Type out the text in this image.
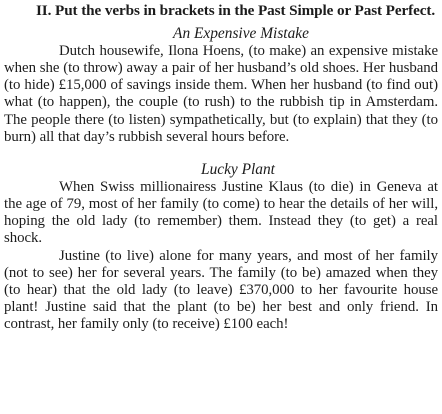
II. Put the verbs in brackets in the Past Simple or Past Perfect.

An Expensive Mistake

Dutch housewife, Ilona Hoens, (to make) an expensive mistake when she (to throw) away a pair of her husband’s old shoes. Her husband (to hide) £15,000 of savings inside them. When her husband (to find out) what (to happen), the couple (to rush) to the rubbish tip in Amsterdam. The people there (to listen) sympathetically, but (to explain) that they (to burn) all that day’s rubbish several hours before.

Lucky Plant

When Swiss millionairess Justine Klaus (to die) in Geneva at the age of 79, most of her family (to come) to hear the details of her will, hoping the old lady (to remember) them. Instead they (to get) a real shock.

Justine (to live) alone for many years, and most of her family (not to see) her for several years. The family (to be) amazed when they (to hear) that the old lady (to leave) £370,000 to her favourite house plant! Justine said that the plant (to be) her best and only friend. In contrast, her family only (to receive) £100 each!
